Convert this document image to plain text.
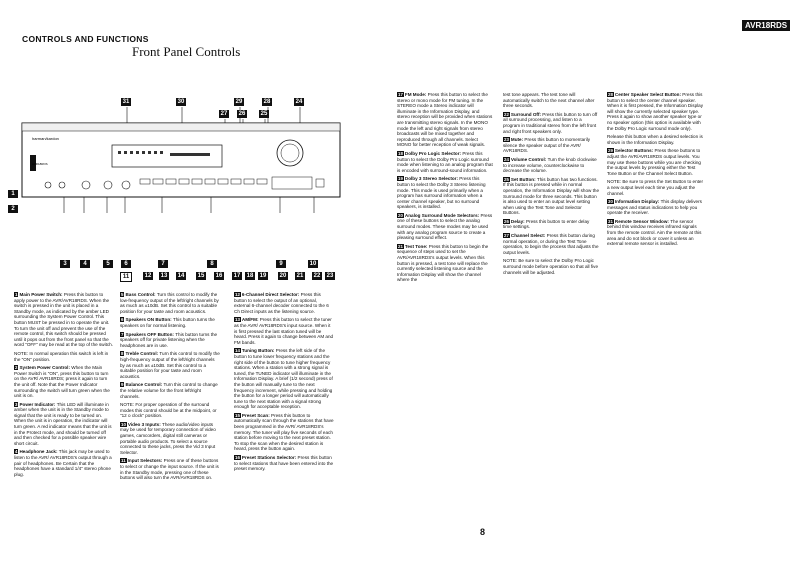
CONTROLS AND FUNCTIONS
Front Panel Controls
AVR18RDS
harman/kardon
AVR18RDS
31	30	29	28	24
27 26	25
1
2
3	4	5	6	7	8	9	10
11	12 13 14 15 16 17 18 19 20 21 22 23
1 Main Power Switch: Press this button to apply power to the AVR/AVR18RDS. When the switch is pressed in the unit is placed in a Standby mode, as indicated by the amber LED surrounding the System Power Control. This button MUST be pressed in to operate the unit. To turn the unit off and prevent the use of the remote control, this switch should be pressed until it pops out from the front panel so that the word "OFF" may be read at the top of the switch.
NOTE: In normal operation this switch is left in the "ON" position.
2 System Power Control: When the Main Power Switch is "ON", press this button to turn on the AVR/ AVR18RDS; press it again to turn the unit off. Note that the Power Indicator surrounding the switch will turn green when the unit is on.
3 Power Indicator: This LED will illuminate in amber when the unit is in the Standby mode to signal that the unit is ready to be turned on. When the unit is in operation, the indicator will turn green. A red indicator means that the unit is in the Protect mode, and should be turned off and then checked for a possible speaker wire short circuit.
4 Headphone Jack: This jack may be used to listen to the AVR/ AVR18RDS's output through a pair of headphones. Be Certain that the headphones have a standard 1/4" stereo phone plug.
5 Bass Control: Turn this control to modify the low-frequency output of the left/right channels by as much as ±10dB. Set this control to a suitable position for your taste and room acoustics.
6 Speakers ON Button: This button turns the speakers on for normal listening.
7 Speakers OFF Button: This button turns the speakers off for private listening when the headphones are in use.
8 Treble Control: Turn this control to modify the high-frequency output of the left/right channels by as much as ±10dB. Set this control to a suitable position for your taste and room acoustics.
9 Balance Control: Turn this control to change the relative volume for the front left/right channels.
NOTE: For proper operation of the surround modes this control should be at the midpoint, or "12 o clock" position.
10 Video 3 Inputs: These audio/video inputs may be used for temporary connection of video games, camcorders, digital still cameras or portable audio products. To select a source connected to these jacks, press the Vid 3 Input Selector.
11 Input Selectors: Press one of these buttons to select or change the input source. If the unit is in the Standby mode, pressing one of these buttons will also turn the AVR/AVR18RDS on.
12 6-Channel Direct Selector: Press this button to select the output of an optional, external 6-channel decoder connected to the 6 Ch Direct inputs as the listening source.
13 AM/FM: Press this button to select the tuner as the AVR/ AVR18RDS's input source. When it is first pressed the last station tuned will be heard. Press it again to change between AM and FM bands.
14 Tuning Button: Press the left side of the button to tune lower frequency stations and the right side of the button to tune higher frequency stations. When a station with a strong signal is tuned, the TUNED indicator will illuminate in the Information Display. A brief (1/2 second) press of the button will manually tune to the next frequency increment, while pressing and holding the button for a longer period will automatically tune to the next station with a signal strong enough for acceptable reception.
15 Preset Scan: Press this button to automatically scan through the stations that have been programmed in the AVR/ AVR18RDS's memory. The tuner will play five seconds of each station before moving to the next preset station. To stop the scan when the desired station is heard, press the button again.
16 Preset Stations Selector: Press this button to select stations that have been entered into the preset memory.
17 FM Mode: Press this button to select the stereo or mono mode for FM tuning. In the STEREO mode a Stereo indicator will illuminate in the Information Display, and stereo reception will be provided when stations are transmitting stereo signals. In the MONO mode the left and right signals from stereo broadcasts will be mixed together and reproduced through all channels. Select MONO for better reception of weak signals.
18 Dolby Pro Logic Selector: Press this button to select the Dolby Pro Logic surround mode when listening to an analog program that is encoded with surround-sound information.
19 Dolby 3 Stereo Selector: Press this button to select the Dolby 3 Stereo listening mode. This mode is used primarily when a program has surround information when a center channel speaker, but no surround speakers, is installed.
20 Analog Surround Mode Selectors: Press one of these buttons to select the analog surround modes. These modes may be used with any analog program source to create a pleasing surround effect.
21 Test Tone: Press this button to begin the sequence of steps used to set the AVR/AVR18RDS's output levels. When this button is pressed, a test tone will replace the currently selected listening source and the Information Display will show the channel where the
test tone appears. The test tone will automatically switch to the next channel after three seconds.
22 Surround Off: Press this button to turn off all surround processing, and listen to a program in traditional stereo from the left front and right front speakers only.
23 Mute: Press this button to momentarily silence the speaker output of the AVR/ AVR18RDS.
24 Volume Control: Turn the knob clockwise to increase volume, counterclockwise to decrease the volume.
25 Set Button: This button has two functions. If this button is pressed while in normal operation, the Information Display will show the Surround mode for three seconds. This button is also used to enter an output level setting when using the Test Tone and Selector Buttons.
26 Delay: Press this button to enter delay time settings.
27 Channel Select: Press this button during normal operation, or during the Test Tone operation, to begin the process that adjusts the output levels.
NOTE: Be sure to select the Dolby Pro Logic surround mode before operation so that all five channels will be adjusted.
28 Center Speaker Select Button: Press this button to select the center channel speaker. When it is first pressed, the Information Display will show the currently selected speaker type. Press it again to show another speaker type or no speaker option (this option is available with the Dolby Pro Logic surround mode only).
Release this button when a desired selection is shown in the Information Display.
29 Selector Buttons: Press these buttons to adjust the AVR/AVR18RDS output levels. You may use these buttons while you are checking the output levels by pressing either the Test Tone Button or the Channel Select Button.
NOTE: Be sure to press the Set Button to enter a new output level each time you adjust the channel.
30 Information Display: This display delivers messages and status indications to help you operate the receiver.
31 Remote Sensor Window: The sensor behind this window receives infrared signals from the remote control. Aim the remote at this area and do not block or cover it unless an external remote sensor is installed.
8
